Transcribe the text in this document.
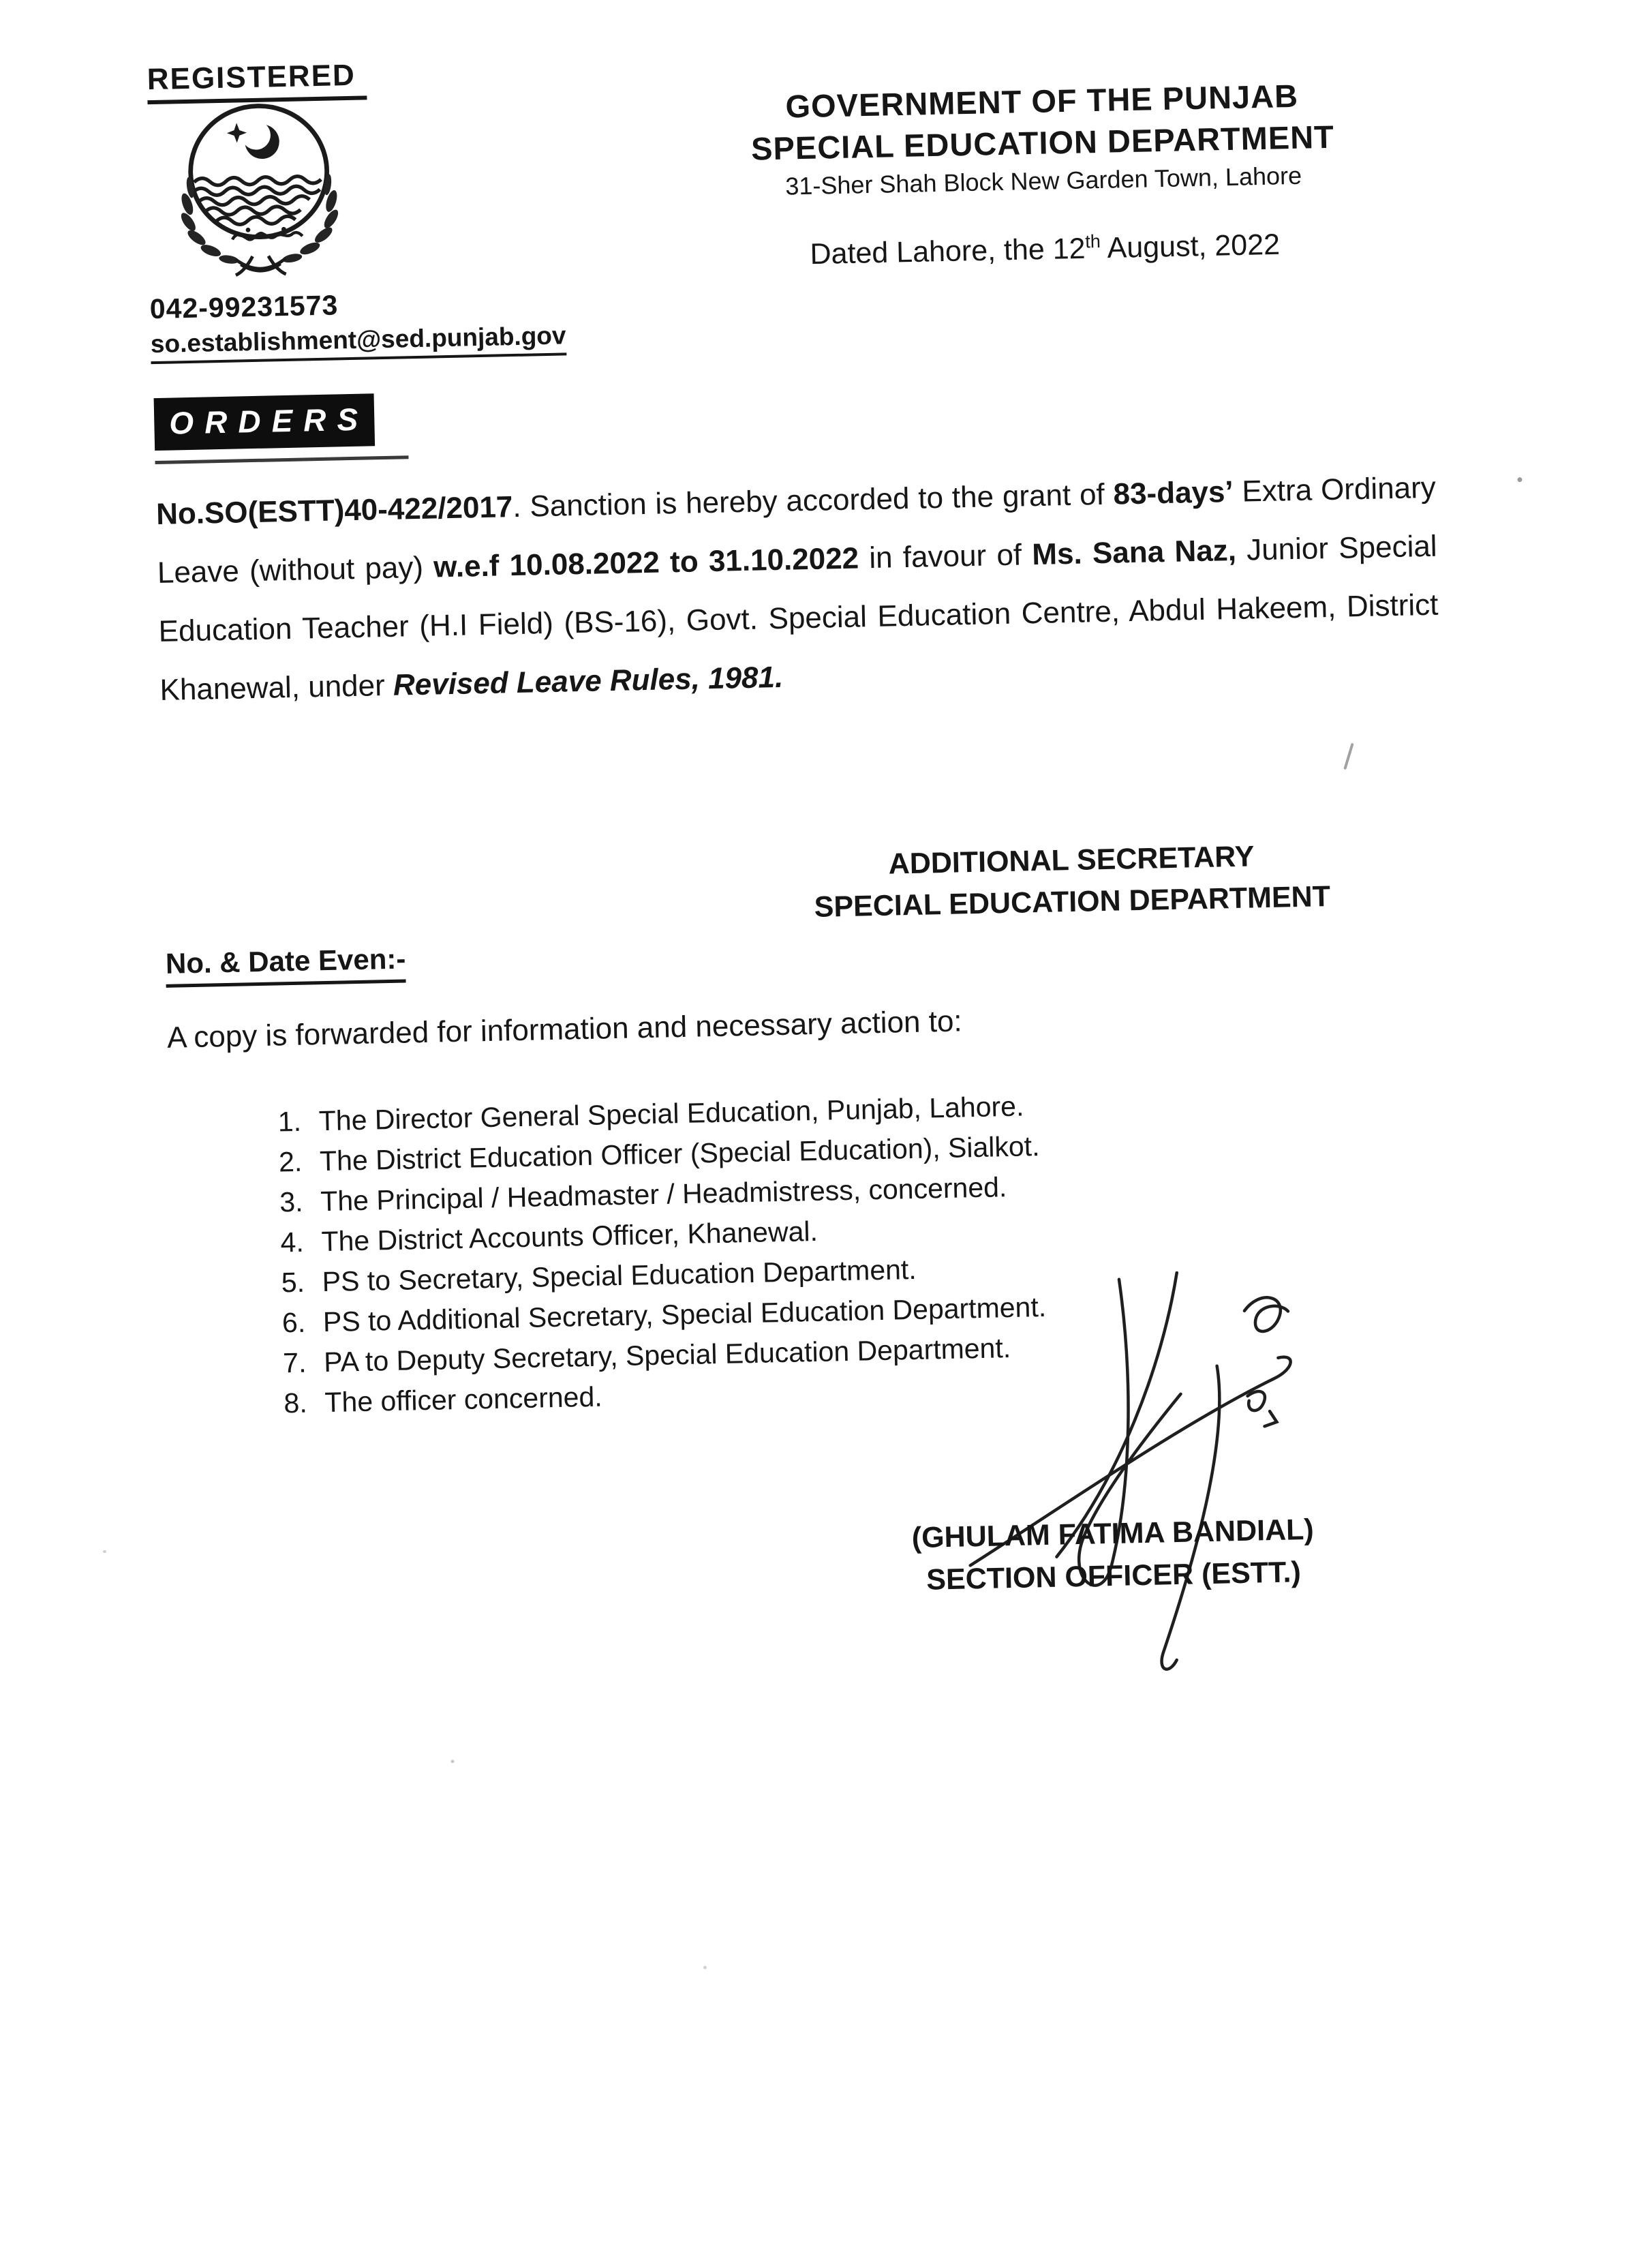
REGISTERED
042-99231573
so.establishment@sed.punjab.gov
GOVERNMENT OF THE PUNJAB
SPECIAL EDUCATION DEPARTMENT
31-Sher Shah Block New Garden Town, Lahore
Dated Lahore, the 12th August, 2022
ORDERS
No.SO(ESTT)40-422/2017. Sanction is hereby accorded to the grant of 83-days’ Extra Ordinary Leave (without pay) w.e.f 10.08.2022 to 31.10.2022 in favour of Ms. Sana Naz, Junior Special Education Teacher (H.I Field) (BS-16), Govt. Special Education Centre, Abdul Hakeem, District Khanewal, under Revised Leave Rules, 1981.
ADDITIONAL SECRETARY
SPECIAL EDUCATION DEPARTMENT
No. & Date Even:-
A copy is forwarded for information and necessary action to:
1. The Director General Special Education, Punjab, Lahore.
2. The District Education Officer (Special Education), Sialkot.
3. The Principal / Headmaster / Headmistress, concerned.
4. The District Accounts Officer, Khanewal.
5. PS to Secretary, Special Education Department.
6. PS to Additional Secretary, Special Education Department.
7. PA to Deputy Secretary, Special Education Department.
8. The officer concerned.
(GHULAM FATIMA BANDIAL)
SECTION OFFICER (ESTT.)
